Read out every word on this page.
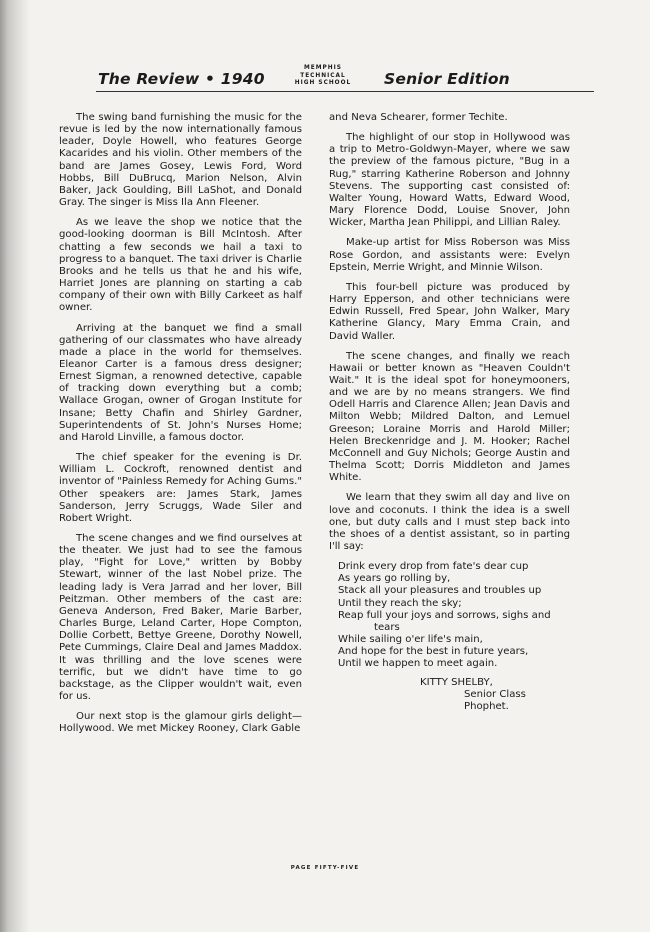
The Review • 1940
MEMPHIS
TECHNICAL
HIGH SCHOOL	Senior Edition

The swing band furnishing the music for the revue is led by the now internationally famous leader, Doyle Howell, who features George Kacarides and his violin. Other members of the band are James Gosey, Lewis Ford, Word Hobbs, Bill DuBrucq, Marion Nelson, Alvin Baker, Jack Goulding, Bill LaShot, and Donald Gray. The singer is Miss Ila Ann Fleener.

As we leave the shop we notice that the good-looking doorman is Bill McIntosh. After chatting a few seconds we hail a taxi to progress to a banquet. The taxi driver is Charlie Brooks and he tells us that he and his wife, Harriet Jones are planning on starting a cab company of their own with Billy Carkeet as half owner.

Arriving at the banquet we find a small gathering of our classmates who have already made a place in the world for themselves. Eleanor Carter is a famous dress designer; Ernest Sigman, a renowned detective, capable of tracking down everything but a comb; Wallace Grogan, owner of Grogan Institute for Insane; Betty Chafin and Shirley Gardner, Superintendents of St. John's Nurses Home; and Harold Linville, a famous doctor.

The chief speaker for the evening is Dr. William L. Cockroft, renowned dentist and inventor of "Painless Remedy for Aching Gums." Other speakers are: James Stark, James Sanderson, Jerry Scruggs, Wade Siler and Robert Wright.

The scene changes and we find ourselves at the theater. We just had to see the famous play, "Fight for Love," written by Bobby Stewart, winner of the last Nobel prize. The leading lady is Vera Jarrad and her lover, Bill Peitzman. Other members of the cast are: Geneva Anderson, Fred Baker, Marie Barber, Charles Burge, Leland Carter, Hope Compton, Dollie Corbett, Bettye Greene, Dorothy Nowell, Pete Cummings, Claire Deal and James Maddox. It was thrilling and the love scenes were terrific, but we didn't have time to go backstage, as the Clipper wouldn't wait, even for us.

Our next stop is the glamour girls delight—Hollywood. We met Mickey Rooney, Clark Gable

and Neva Schearer, former Techite.

The highlight of our stop in Hollywood was a trip to Metro-Goldwyn-Mayer, where we saw the preview of the famous picture, "Bug in a Rug," starring Katherine Roberson and Johnny Stevens. The supporting cast consisted of: Walter Young, Howard Watts, Edward Wood, Mary Florence Dodd, Louise Snover, John Wicker, Martha Jean Philippi, and Lillian Raley.

Make-up artist for Miss Roberson was Miss Rose Gordon, and assistants were: Evelyn Epstein, Merrie Wright, and Minnie Wilson.

This four-bell picture was produced by Harry Epperson, and other technicians were Edwin Russell, Fred Spear, John Walker, Mary Katherine Glancy, Mary Emma Crain, and David Waller.

The scene changes, and finally we reach Hawaii or better known as "Heaven Couldn't Wait." It is the ideal spot for honeymooners, and we are by no means strangers. We find Odell Harris and Clarence Allen; Jean Davis and Milton Webb; Mildred Dalton, and Lemuel Greeson; Loraine Morris and Harold Miller; Helen Breckenridge and J. M. Hooker; Rachel McConnell and Guy Nichols; George Austin and Thelma Scott; Dorris Middleton and James White.

We learn that they swim all day and live on love and coconuts. I think the idea is a swell one, but duty calls and I must step back into the shoes of a dentist assistant, so in parting I'll say:

Drink every drop from fate's dear cup
As years go rolling by,
Stack all your pleasures and troubles up
Until they reach the sky;
Reap full your joys and sorrows, sighs and
tears
While sailing o'er life's main,
And hope for the best in future years,
Until we happen to meet again.
KITTY SHELBY,
Senior Class Phophet.
PAGE FIFTY-FIVE
